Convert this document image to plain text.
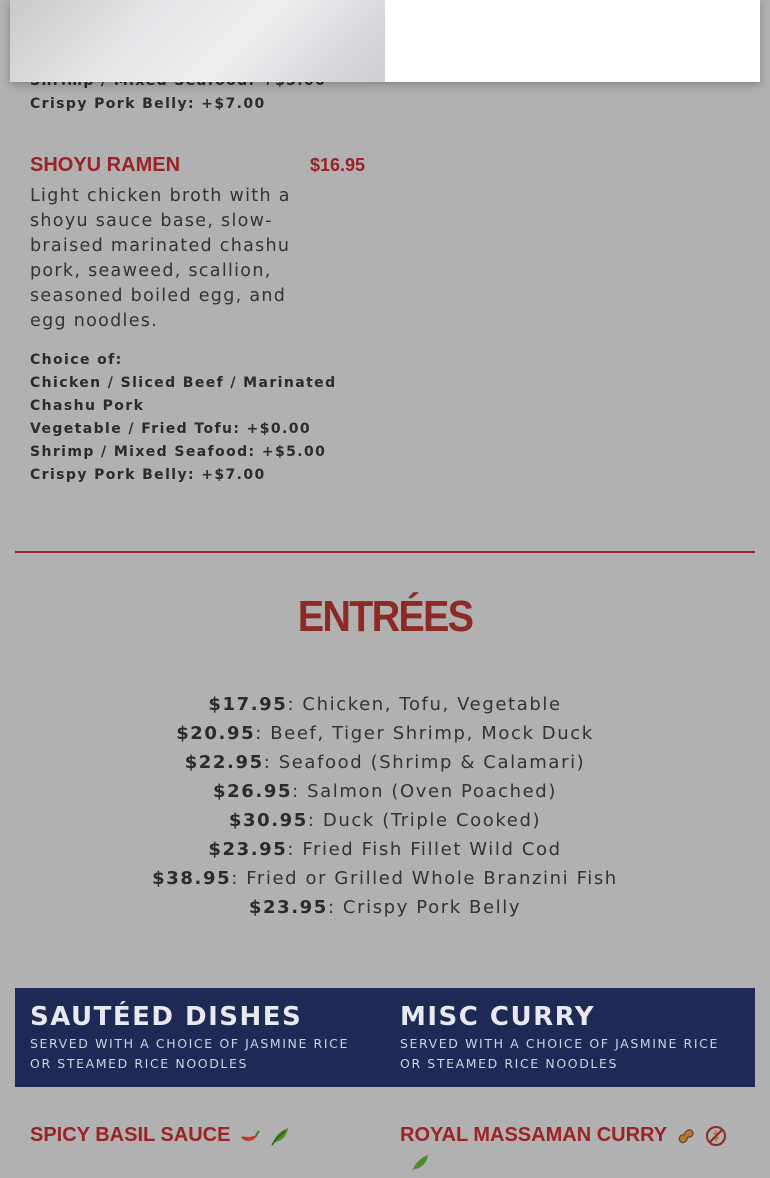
Crispy Pork Belly: +$7.00
SHOYU RAMEN	$16.95
Light chicken broth with a shoyu sauce base, slow-braised marinated chashu pork, seaweed, scallion, seasoned boiled egg, and egg noodles.
Choice of:
Chicken / Sliced Beef / Marinated Chashu Pork
Vegetable / Fried Tofu: +$0.00
Shrimp / Mixed Seafood: +$5.00
Crispy Pork Belly: +$7.00
ENTRÉES
$17.95: Chicken, Tofu, Vegetable
$20.95: Beef, Tiger Shrimp, Mock Duck
$22.95: Seafood (Shrimp & Calamari)
$26.95: Salmon (Oven Poached)
$30.95: Duck (Triple Cooked)
$23.95: Fried Fish Fillet Wild Cod
$38.95: Fried or Grilled Whole Branzini Fish
$23.95: Crispy Pork Belly
SAUTÉED DISHES
SERVED WITH A CHOICE OF JASMINE RICE OR STEAMED RICE NOODLES
MISC CURRY
SERVED WITH A CHOICE OF JASMINE RICE OR STEAMED RICE NOODLES
SPICY BASIL SAUCE	ROYAL MASSAMAN CURRY
